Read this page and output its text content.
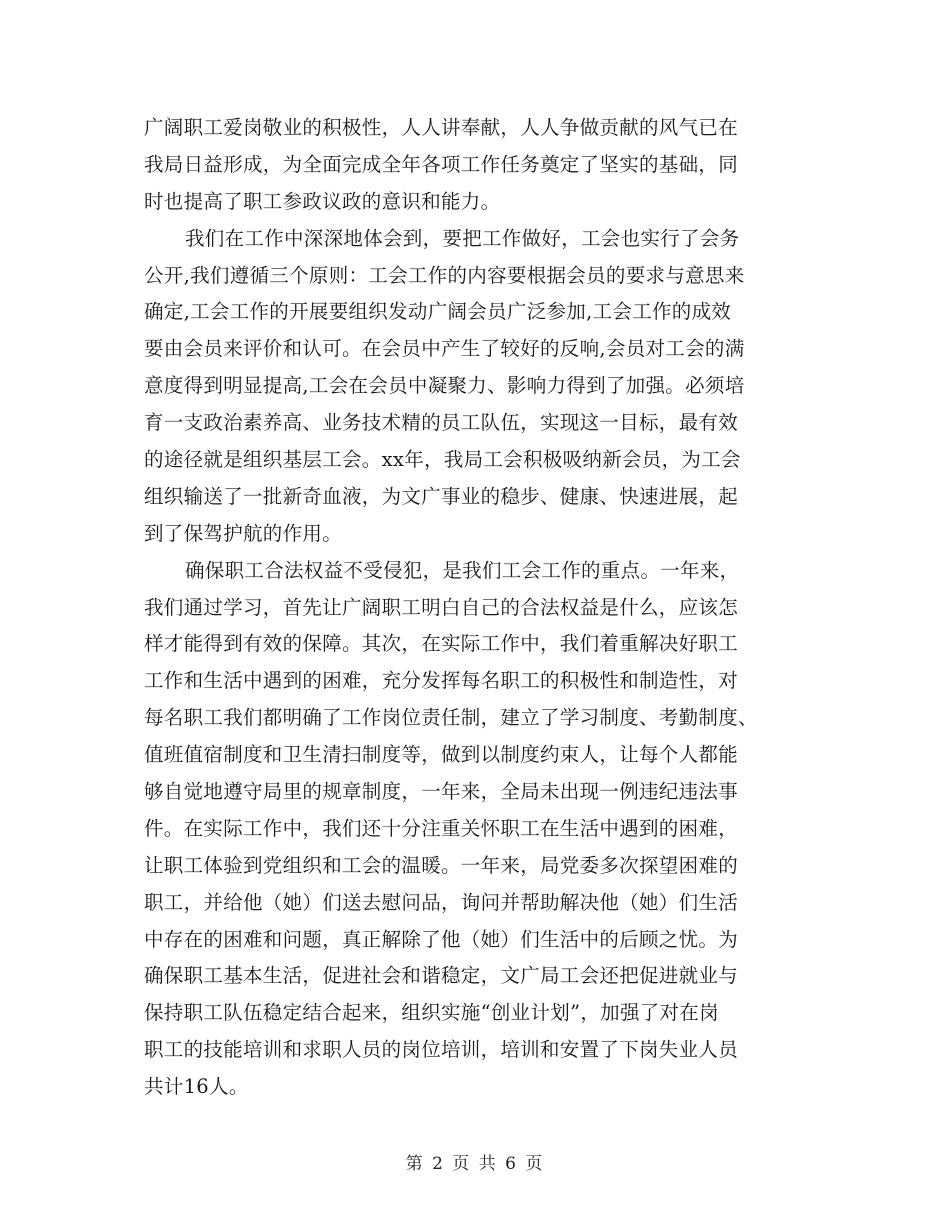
广阔职工爱岗敬业的积极性，人人讲奉献，人人争做贡献的风气已在
我局日益形成，为全面完成全年各项工作任务奠定了坚实的基础，同
时也提高了职工参政议政的意识和能力。
我们在工作中深深地体会到，要把工作做好，工会也实行了会务
公开,我们遵循三个原则：工会工作的内容要根据会员的要求与意思来
确定,工会工作的开展要组织发动广阔会员广泛参加,工会工作的成效
要由会员来评价和认可。在会员中产生了较好的反响,会员对工会的满
意度得到明显提高,工会在会员中凝聚力、影响力得到了加强。必须培
育一支政治素养高、业务技术精的员工队伍，实现这一目标，最有效
的途径就是组织基层工会。xx年，我局工会积极吸纳新会员，为工会
组织输送了一批新奇血液，为文广事业的稳步、健康、快速进展，起
到了保驾护航的作用。
确保职工合法权益不受侵犯，是我们工会工作的重点。一年来，
我们通过学习，首先让广阔职工明白自己的合法权益是什么，应该怎
样才能得到有效的保障。其次，在实际工作中，我们着重解决好职工
工作和生活中遇到的困难，充分发挥每名职工的积极性和制造性，对
每名职工我们都明确了工作岗位责任制，建立了学习制度、考勤制度、
值班值宿制度和卫生清扫制度等，做到以制度约束人，让每个人都能
够自觉地遵守局里的规章制度，一年来，全局未出现一例违纪违法事
件。在实际工作中，我们还十分注重关怀职工在生活中遇到的困难，
让职工体验到党组织和工会的温暖。一年来，局党委多次探望困难的
职工，并给他（她）们送去慰问品，询问并帮助解决他（她）们生活
中存在的困难和问题，真正解除了他（她）们生活中的后顾之忧。为
确保职工基本生活，促进社会和谐稳定，文广局工会还把促进就业与
保持职工队伍稳定结合起来，组织实施“创业计划”，加强了对在岗
职工的技能培训和求职人员的岗位培训，培训和安置了下岗失业人员
共计16人。
第 2 页 共 6 页
